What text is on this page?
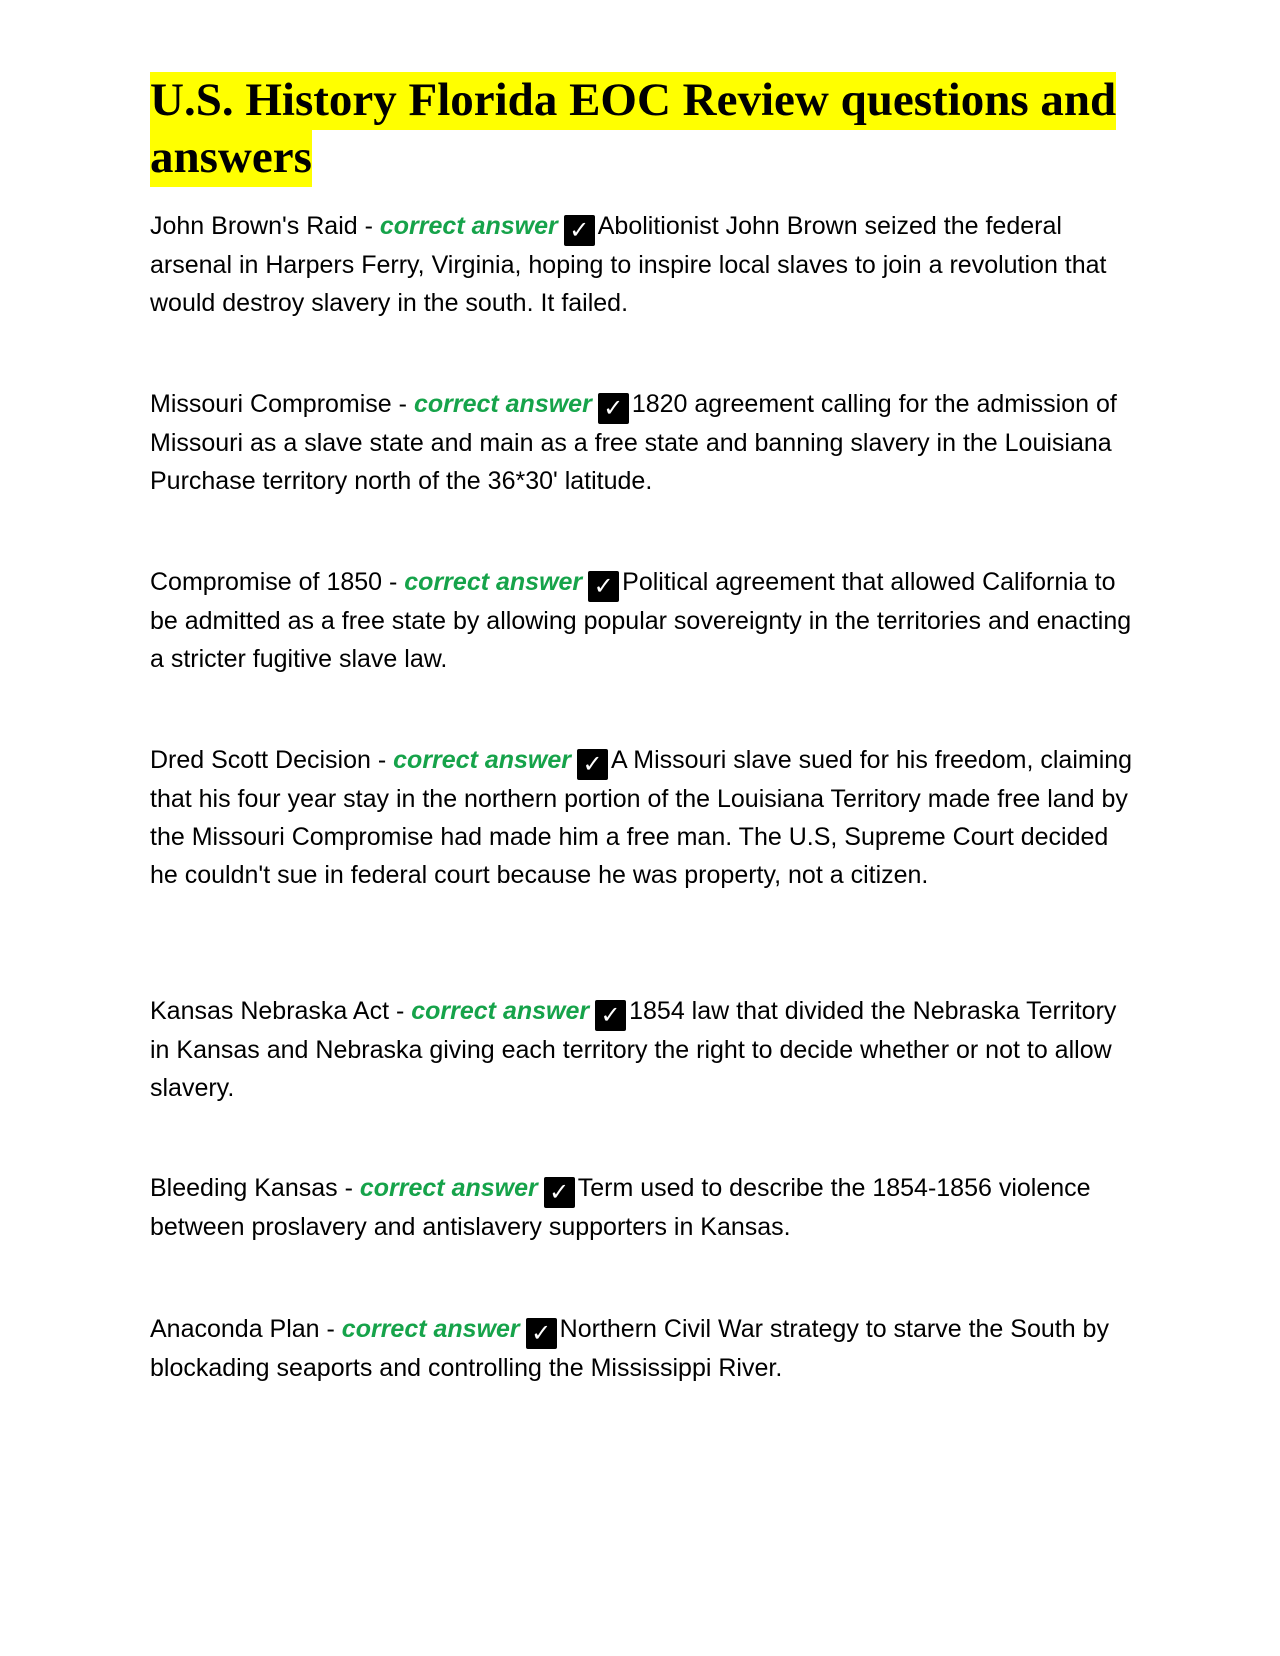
U.S. History Florida EOC Review questions and answers

John Brown's Raid - correct answer ✓ Abolitionist John Brown seized the federal arsenal in Harpers Ferry, Virginia, hoping to inspire local slaves to join a revolution that would destroy slavery in the south. It failed.

Missouri Compromise - correct answer ✓ 1820 agreement calling for the admission of Missouri as a slave state and main as a free state and banning slavery in the Louisiana Purchase territory north of the 36*30' latitude.

Compromise of 1850 - correct answer ✓ Political agreement that allowed California to be admitted as a free state by allowing popular sovereignty in the territories and enacting a stricter fugitive slave law.

Dred Scott Decision - correct answer ✓ A Missouri slave sued for his freedom, claiming that his four year stay in the northern portion of the Louisiana Territory made free land by the Missouri Compromise had made him a free man. The U.S, Supreme Court decided he couldn't sue in federal court because he was property, not a citizen.

Kansas Nebraska Act - correct answer ✓ 1854 law that divided the Nebraska Territory in Kansas and Nebraska giving each territory the right to decide whether or not to allow slavery.

Bleeding Kansas - correct answer ✓ Term used to describe the 1854-1856 violence between proslavery and antislavery supporters in Kansas.

Anaconda Plan - correct answer ✓ Northern Civil War strategy to starve the South by blockading seaports and controlling the Mississippi River.
